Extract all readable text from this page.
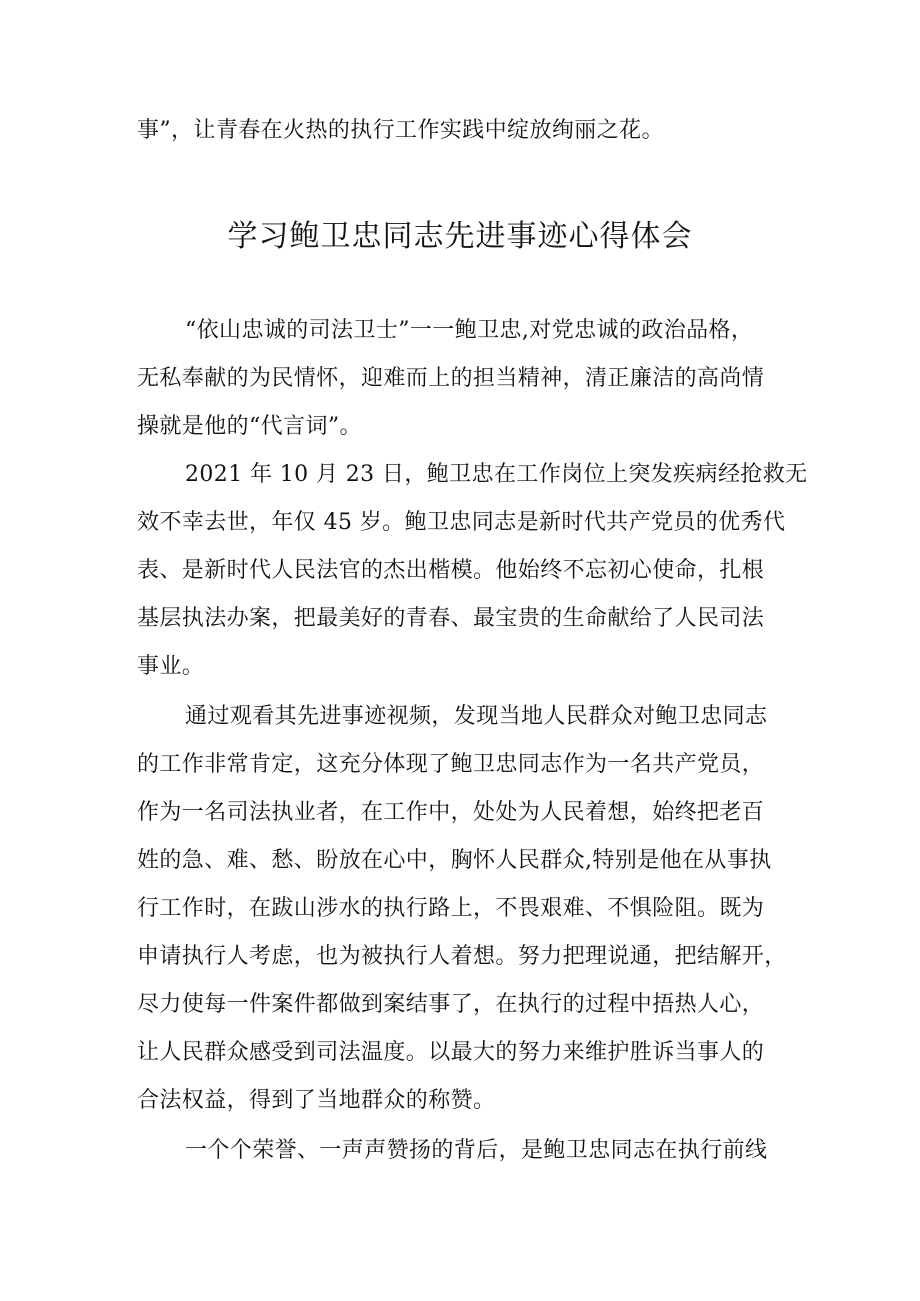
事”，让青春在火热的执行工作实践中绽放绚丽之花。
学习鲍卫忠同志先进事迹心得体会
“依山忠诚的司法卫士”一一鲍卫忠,对党忠诚的政治品格，
无私奉献的为民情怀，迎难而上的担当精神，清正廉洁的高尚情
操就是他的“代言词”。
2021 年 10 月 23 日，鲍卫忠在工作岗位上突发疾病经抢救无
效不幸去世，年仅 45 岁。鲍卫忠同志是新时代共产党员的优秀代
表、是新时代人民法官的杰出楷模。他始终不忘初心使命，扎根
基层执法办案，把最美好的青春、最宝贵的生命献给了人民司法
事业。
通过观看其先进事迹视频，发现当地人民群众对鲍卫忠同志
的工作非常肯定，这充分体现了鲍卫忠同志作为一名共产党员，
作为一名司法执业者，在工作中，处处为人民着想，始终把老百
姓的急、难、愁、盼放在心中，胸怀人民群众,特别是他在从事执
行工作时，在跋山涉水的执行路上，不畏艰难、不惧险阻。既为
申请执行人考虑，也为被执行人着想。努力把理说通，把结解开，
尽力使每一件案件都做到案结事了，在执行的过程中捂热人心，
让人民群众感受到司法温度。以最大的努力来维护胜诉当事人的
合法权益，得到了当地群众的称赞。
一个个荣誉、一声声赞扬的背后，是鲍卫忠同志在执行前线
